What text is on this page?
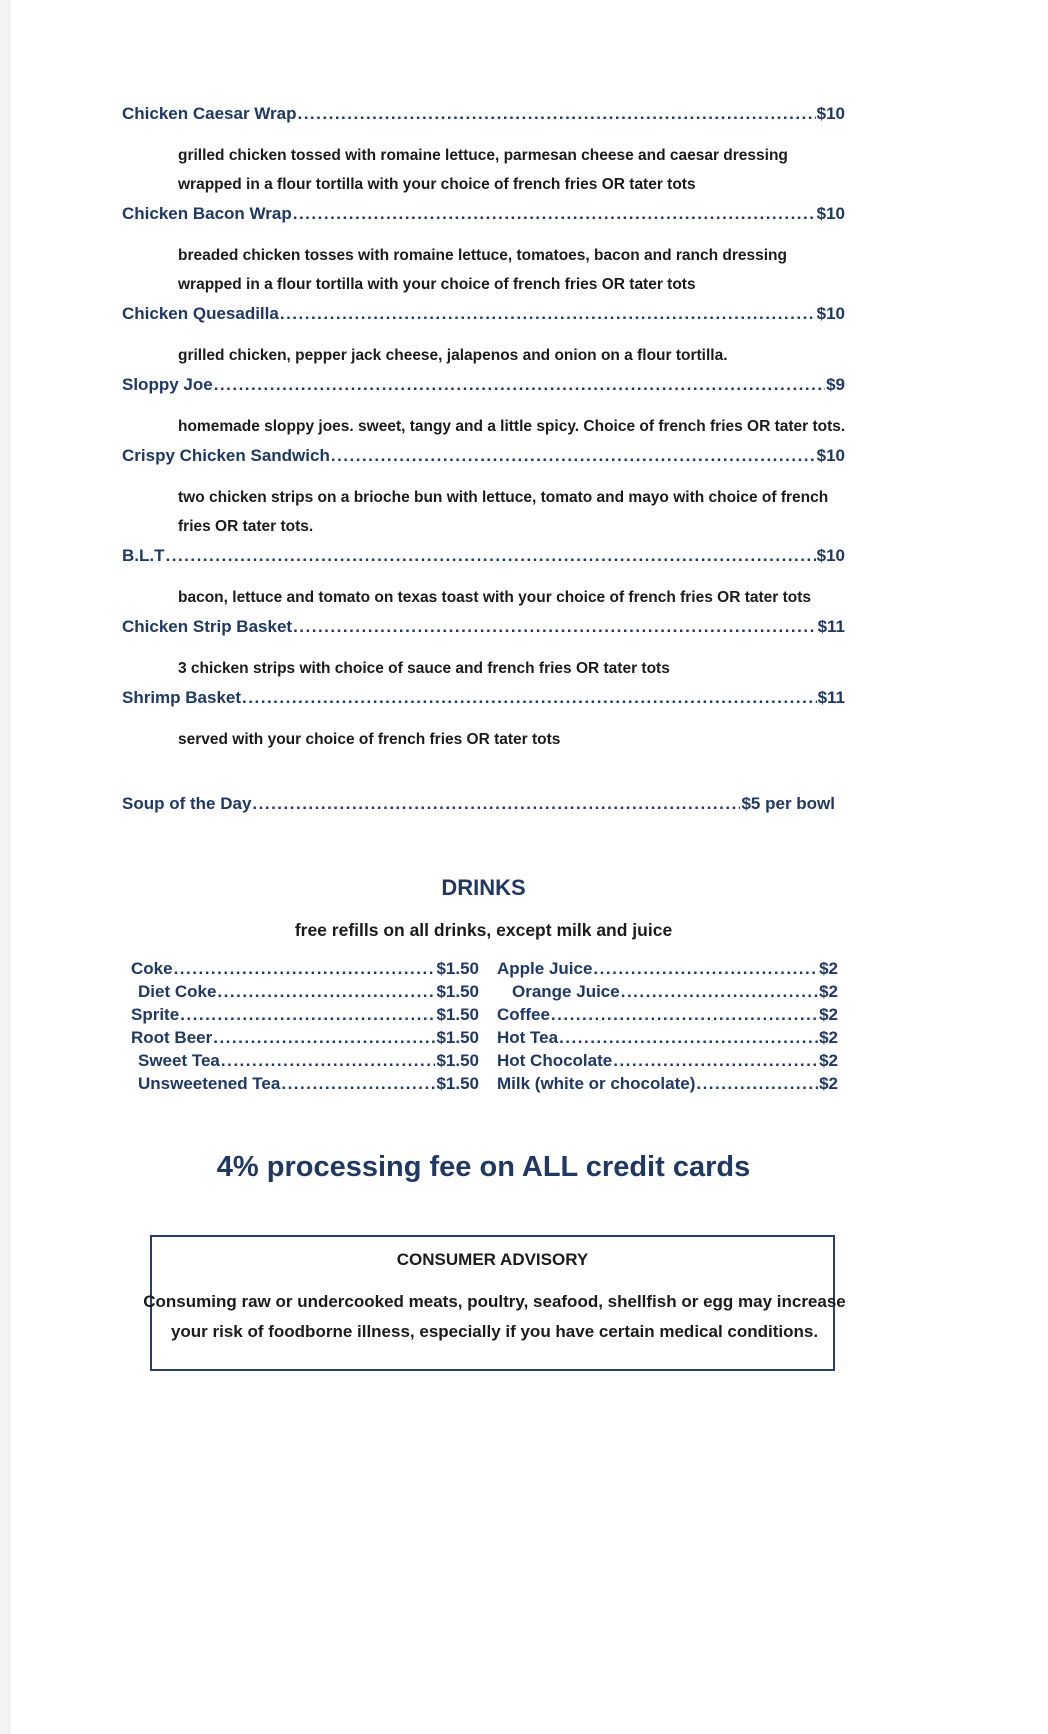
Chicken Caesar Wrap .....	$10
grilled chicken tossed with romaine lettuce, parmesan cheese and caesar dressing wrapped in a flour tortilla with your choice of french fries OR tater tots
Chicken Bacon Wrap .....	$10
breaded chicken tosses with romaine lettuce, tomatoes, bacon and ranch dressing wrapped in a flour tortilla with your choice of french fries OR tater tots
Chicken Quesadilla .....	$10
grilled chicken, pepper jack cheese, jalapenos and onion on a flour tortilla.
Sloppy Joe .....	$9
homemade sloppy joes. sweet, tangy and a little spicy. Choice of french fries OR tater tots.
Crispy Chicken Sandwich .....	$10
two chicken strips on a brioche bun with lettuce, tomato and mayo with choice of french fries OR tater tots.
B.L.T .....	$10
bacon, lettuce and tomato on texas toast with your choice of french fries OR tater tots
Chicken Strip Basket .....	$11
3 chicken strips with choice of sauce and french fries OR tater tots
Shrimp Basket .....	$11
served with your choice of french fries OR tater tots
Soup of the Day .....	$5 per bowl
DRINKS
free refills on all drinks, except milk and juice
Coke .....	$1.50
Diet Coke .....	$1.50
Sprite .....	$1.50
Root Beer .....	$1.50
Sweet Tea .....	$1.50
Unsweetened Tea .....	$1.50
Apple Juice .....	$2
Orange Juice .....	$2
Coffee .....	$2
Hot Tea .....	$2
Hot Chocolate .....	$2
Milk (white or chocolate) .....	$2
4% processing fee on ALL credit cards
CONSUMER ADVISORY
Consuming raw or undercooked meats, poultry, seafood, shellfish or egg may increase your risk of foodborne illness, especially if you have certain medical conditions.
